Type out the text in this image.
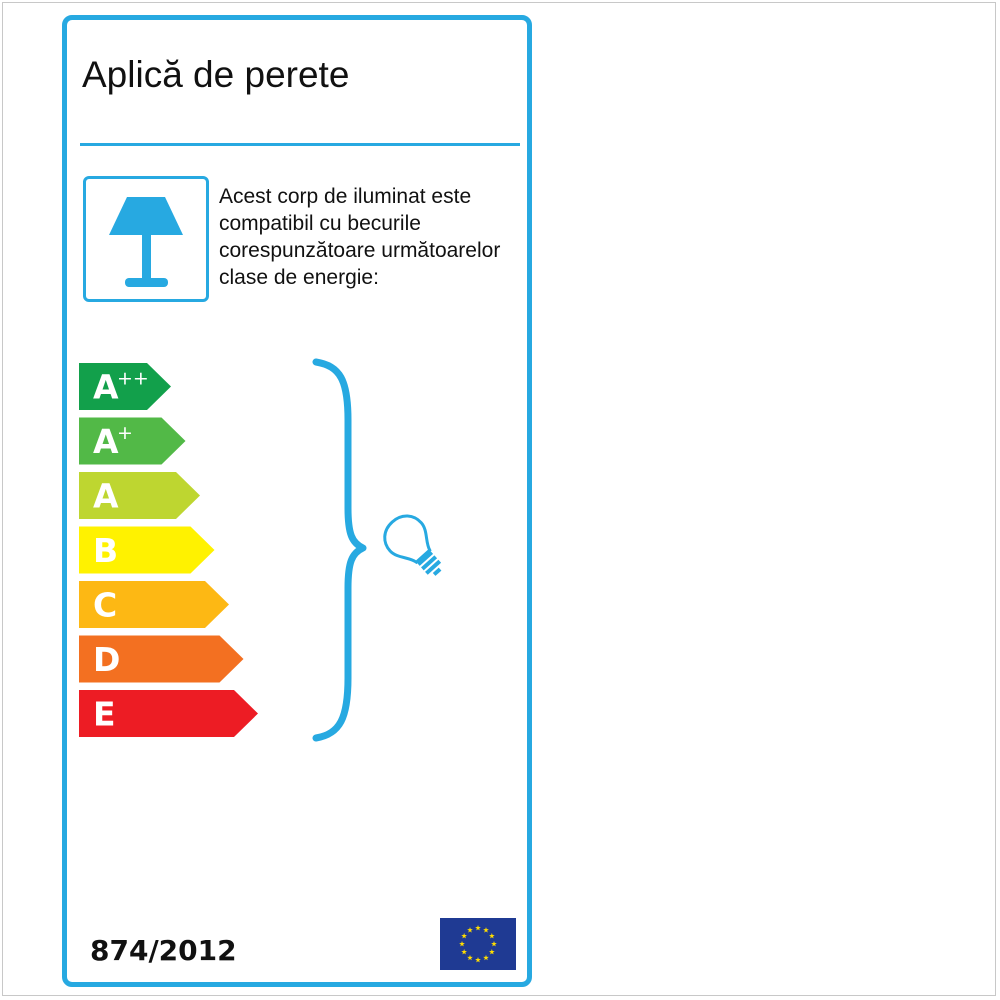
Aplică de perete
Acest corp de iluminat este
compatibil cu becurile
corespunzătoare următoarelor
clase de energie:
A
++
A
+
A
B
C
D
E
874/2012
